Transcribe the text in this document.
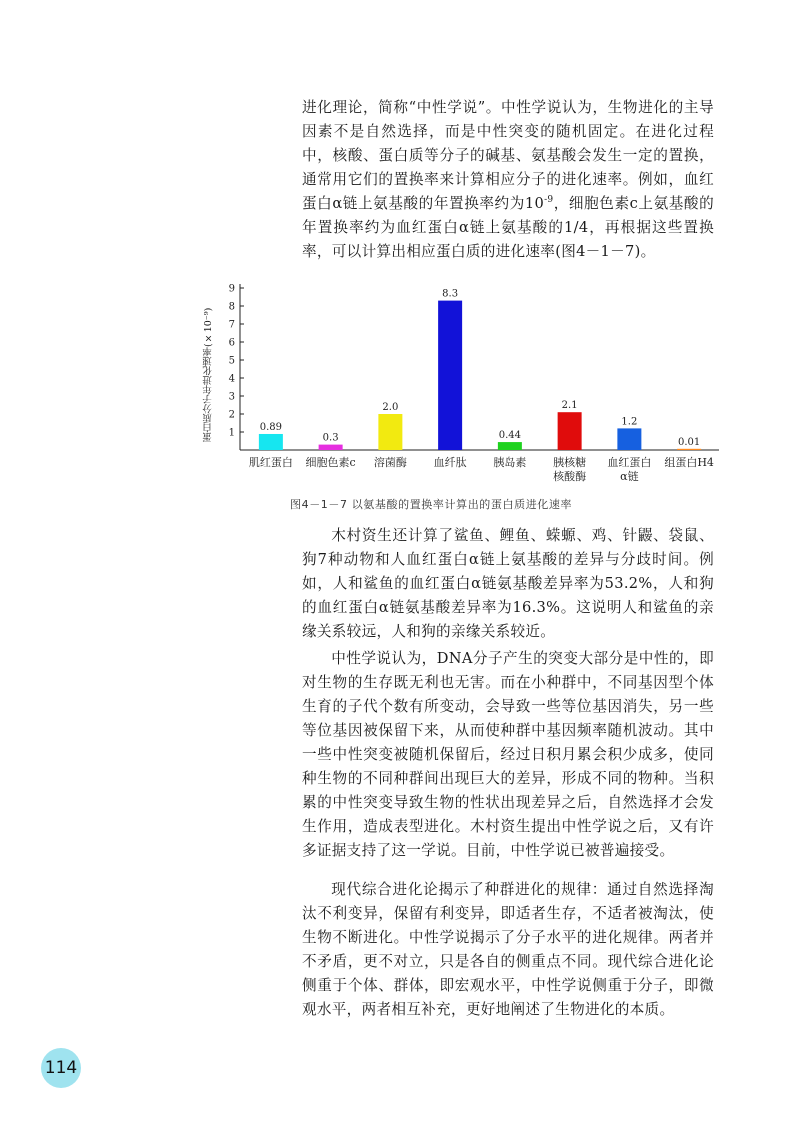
进化理论，简称“中性学说”。中性学说认为，生物进化的主导因素不是自然选择，而是中性突变的随机固定。在进化过程中，核酸、蛋白质等分子的碱基、氨基酸会发生一定的置换，通常用它们的置换率来计算相应分子的进化速率。例如，血红蛋白α链上氨基酸的年置换率约为$10^{-9}$，细胞色素c上氨基酸的年置换率约为血红蛋白α链上氨基酸的1/4，再根据这些置换率，可以计算出相应蛋白质的进化速率(图4－1－7)。

蛋白质分子年进化速率(×10⁻⁹) 1
2
3
4
5
6
7
8
9
0.89
肌红蛋白
0.3
细胞色素c
2.0
溶菌酶
8.3
血纤肽
0.44
胰岛素
2.1
胰核糖
核酸酶
1.2
血红蛋白
α链
0.01
组蛋白H4
图4－1－7 以氨基酸的置换率计算出的蛋白质进化速率

木村资生还计算了鲨鱼、鲤鱼、蝾螈、鸡、针鼹、袋鼠、狗7种动物和人血红蛋白α链上氨基酸的差异与分歧时间。例如，人和鲨鱼的血红蛋白α链氨基酸差异率为53.2%，人和狗的血红蛋白α链氨基酸差异率为16.3%。这说明人和鲨鱼的亲缘关系较远，人和狗的亲缘关系较近。

中性学说认为，DNA分子产生的突变大部分是中性的，即对生物的生存既无利也无害。而在小种群中，不同基因型个体生育的子代个数有所变动，会导致一些等位基因消失，另一些等位基因被保留下来，从而使种群中基因频率随机波动。其中一些中性突变被随机保留后，经过日积月累会积少成多，使同种生物的不同种群间出现巨大的差异，形成不同的物种。当积累的中性突变导致生物的性状出现差异之后，自然选择才会发生作用，造成表型进化。木村资生提出中性学说之后，又有许多证据支持了这一学说。目前，中性学说已被普遍接受。

现代综合进化论揭示了种群进化的规律：通过自然选择淘汰不利变异，保留有利变异，即适者生存，不适者被淘汰，使生物不断进化。中性学说揭示了分子水平的进化规律。两者并不矛盾，更不对立，只是各自的侧重点不同。现代综合进化论侧重于个体、群体，即宏观水平，中性学说侧重于分子，即微观水平，两者相互补充，更好地阐述了生物进化的本质。

114
